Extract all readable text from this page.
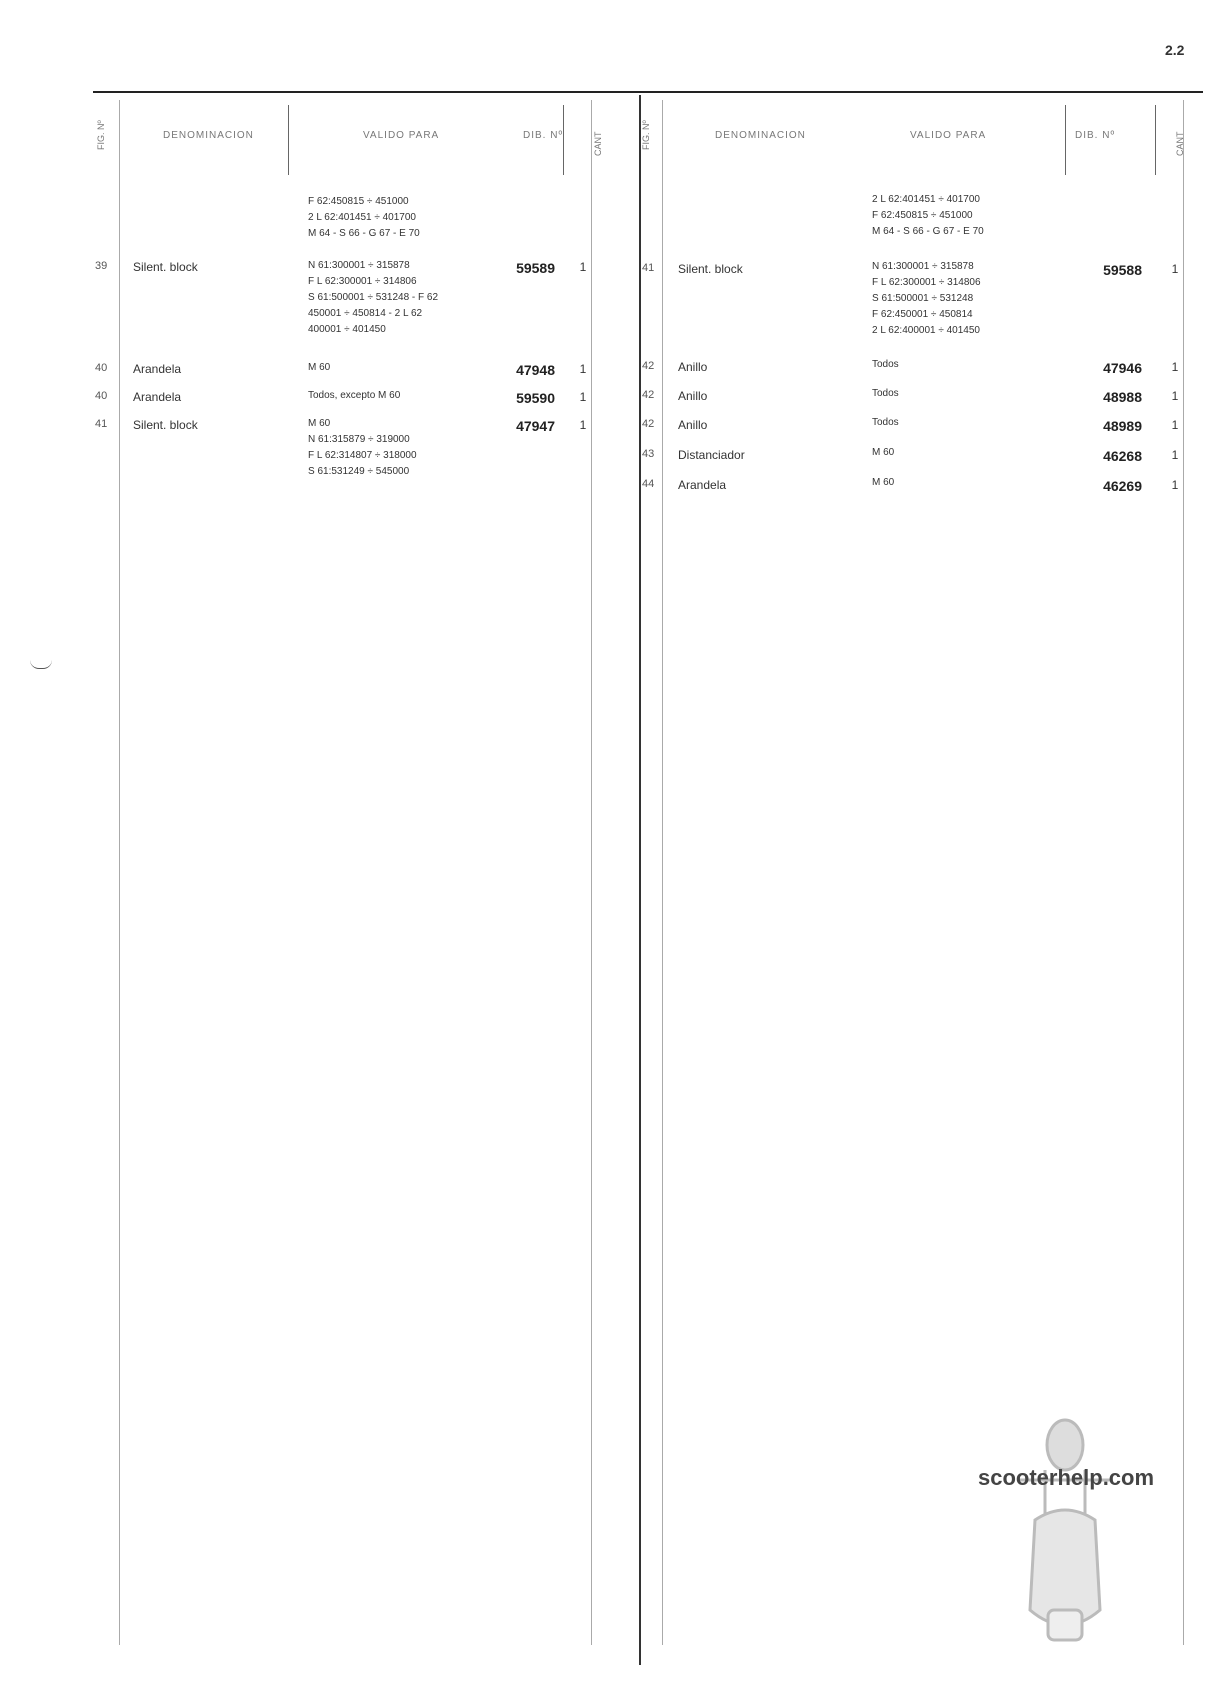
2.2
FIG. Nº	DENOMINACION	VALIDO PARA	DIB. Nº	CANT
F 62:450815 ÷ 451000
2 L 62:401451 ÷ 401700
M 64 - S 66 - G 67 - E 70
39	Silent. block	N 61:300001 ÷ 315878
F L 62:300001 ÷ 314806
S 61:500001 ÷ 531248 - F 62
450001 ÷ 450814 - 2 L 62
400001 ÷ 401450
59589	1
40	Arandela	M 60	47948	1
40	Arandela	Todos, excepto M 60	59590	1
41	Silent. block	M 60
N 61:315879 ÷ 319000
F L 62:314807 ÷ 318000
S 61:531249 ÷ 545000
47947	1
FIG. Nº	DENOMINACION	VALIDO PARA	DIB. Nº	CANT
2 L 62:401451 ÷ 401700
F 62:450815 ÷ 451000
M 64 - S 66 - G 67 - E 70
41	Silent. block	N 61:300001 ÷ 315878
F L 62:300001 ÷ 314806
S 61:500001 ÷ 531248
F 62:450001 ÷ 450814
2 L 62:400001 ÷ 401450
59588	1
42	Anillo	Todos	47946	1
42	Anillo	Todos	48988	1
42	Anillo	Todos	48989	1
43	Distanciador	M 60	46268	1
44	Arandela	M 60	46269	1
scooterhelp.com
